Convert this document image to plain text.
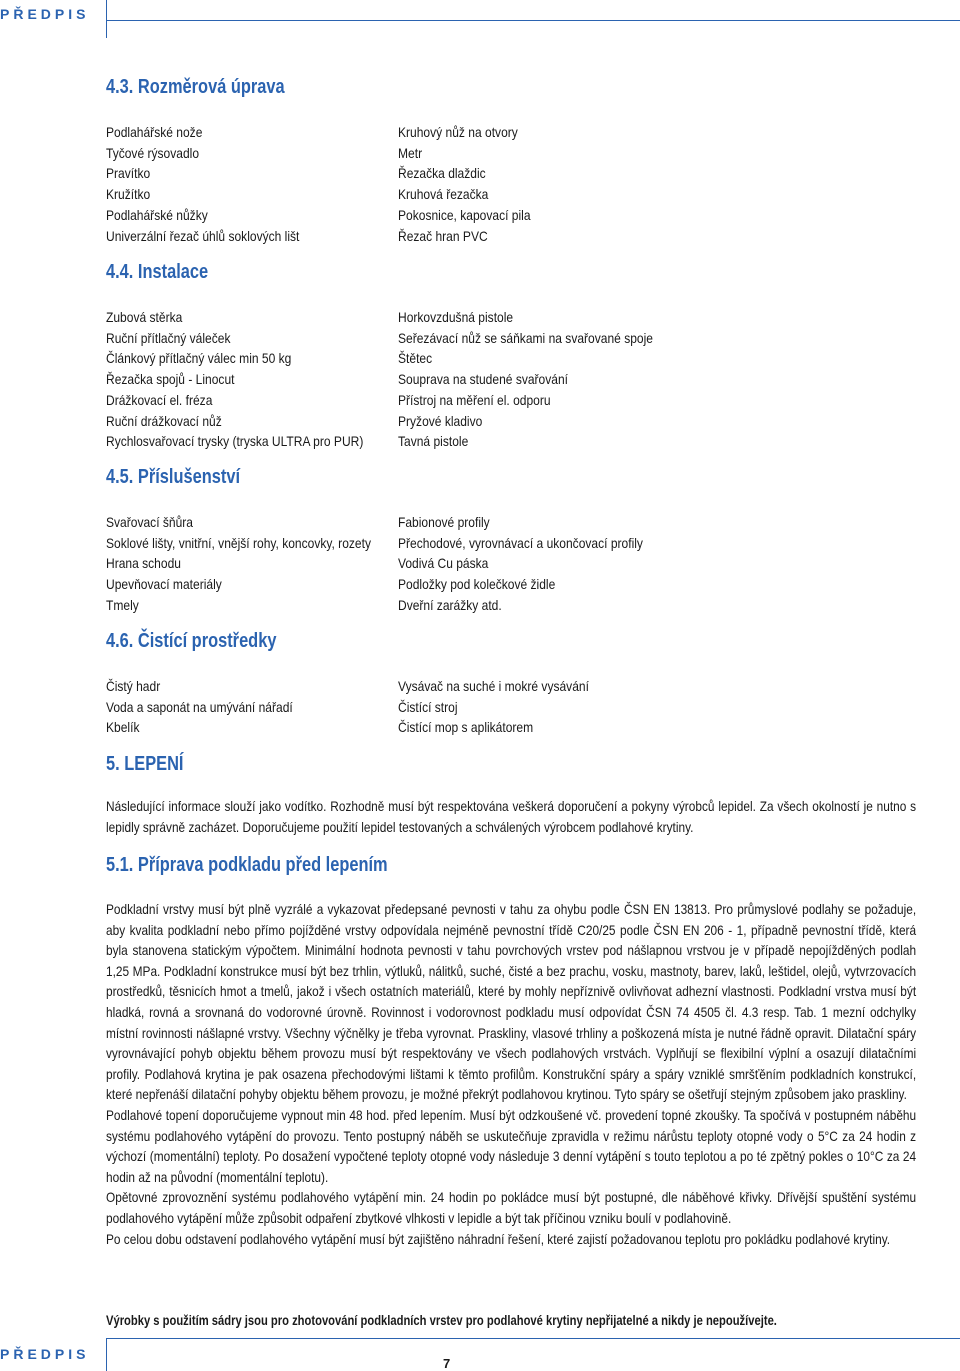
PŘEDPIS
4.3. Rozměrová úprava
Podlahářské nože
Tyčové rýsovadlo
Pravítko
Kružítko
Podlahářské nůžky
Univerzální řezač úhlů soklových lišt
Kruhový nůž na otvory
Metr
Řezačka dlaždic
Kruhová řezačka
Pokosnice, kapovací pila
Řezač hran PVC
4.4. Instalace
Zubová stěrka
Ruční přítlačný váleček
Článkový přítlačný válec min 50 kg
Řezačka spojů - Linocut
Drážkovací el. fréza
Ruční drážkovací nůž
Rychlosvařovací trysky (tryska ULTRA pro PUR)
Horkovzdušná pistole
Seřezávací nůž se sáňkami na svařované spoje
Štětec
Souprava na studené svařování
Přístroj na měření el. odporu
Pryžové kladivo
Tavná pistole
4.5. Příslušenství
Svařovací šňůra
Soklové lišty, vnitřní, vnější rohy, koncovky, rozety
Hrana schodu
Upevňovací materiály
Tmely
Fabionové profily
Přechodové, vyrovnávací a ukončovací profily
Vodivá Cu páska
Podložky pod kolečkové židle
Dveřní zarážky atd.
4.6. Čistící prostředky
Čistý hadr
Voda a saponát na umývání nářadí
Kbelík
Vysávač na suché i mokré vysávání
Čistící stroj
Čistící mop s aplikátorem
5. LEPENÍ

Následující informace slouží jako vodítko. Rozhodně musí být respektována veškerá doporučení a pokyny výrobců lepidel. Za všech okolností je nutno s lepidly správně zacházet. Doporučujeme použití lepidel testovaných a schválených výrobcem podlahové krytiny.

5.1. Příprava podkladu před lepením

Podkladní vrstvy musí být plně vyzrálé a vykazovat předepsané pevnosti v tahu za ohybu podle ČSN EN 13813. Pro průmyslové podlahy se požaduje, aby kvalita podkladní nebo přímo pojížděné vrstvy odpovídala nejméně pevnostní třídě C20/25 podle ČSN EN 206 - 1, případně pevnostní třídě, která byla stanovena statickým výpočtem. Minimální hodnota pevnosti v tahu povrchových vrstev pod nášlapnou vrstvou je v případě nepojížděných podlah 1,25 MPa. Podkladní konstrukce musí být bez trhlin, výtluků, nálitků, suché, čisté a bez prachu, vosku, mastnoty, barev, laků, leštidel, olejů, vytvrzovacích prostředků, těsnicích hmot a tmelů, jakož i všech ostatních materiálů, které by mohly nepříznivě ovlivňovat adhezní vlastnosti. Podkladní vrstva musí být hladká, rovná a srovnaná do vodorovné úrovně. Rovinnost i vodorovnost podkladu musí odpovídat ČSN 74 4505 čl. 4.3 resp. Tab. 1 mezní odchylky místní rovinnosti nášlapné vrstvy. Všechny výčnělky je třeba vyrovnat. Praskliny, vlasové trhliny a poškozená místa je nutné řádně opravit. Dilatační spáry vyrovnávající pohyb objektu během provozu musí být respektovány ve všech podlahových vrstvách. Vyplňují se flexibilní výplní a osazují dilatačními profily. Podlahová krytina je pak osazena přechodovými lištami k těmto profilům. Konstrukční spáry a spáry vzniklé smršťěním podkladních konstrukcí, které nepřenáší dilatační pohyby objektu během provozu, je možné překrýt podlahovou krytinou. Tyto spáry se ošetřují stejným způsobem jako praskliny.

Podlahové topení doporučujeme vypnout min 48 hod. před lepením. Musí být odzkoušené vč. provedení topné zkoušky. Ta spočívá v postupném náběhu systému podlahového vytápění do provozu. Tento postupný náběh se uskutečňuje zpravidla v režimu nárůstu teploty otopné vody o 5°C za 24 hodin z výchozí (momentální) teploty. Po dosažení vypočtené teploty otopné vody následuje 3 denní vytápění s touto teplotou a po té zpětný pokles o 10°C za 24 hodin až na původní (momentální teplotu).

Opětovné zprovoznění systému podlahového vytápění min. 24 hodin po pokládce musí být postupné, dle náběhové křivky. Dřívější spuštění systému podlahového vytápění může způsobit odpaření zbytkové vlhkosti v lepidle a být tak příčinou vzniku boulí v podlahovině.

Po celou dobu odstavení podlahového vytápění musí být zajištěno náhradní řešení, které zajistí požadovanou teplotu pro pokládku podlahové krytiny.

Výrobky s použitím sádry jsou pro zhotovování podkladních vrstev pro podlahové krytiny nepřijatelné a nikdy je nepoužívejte.
PŘEDPIS
7
